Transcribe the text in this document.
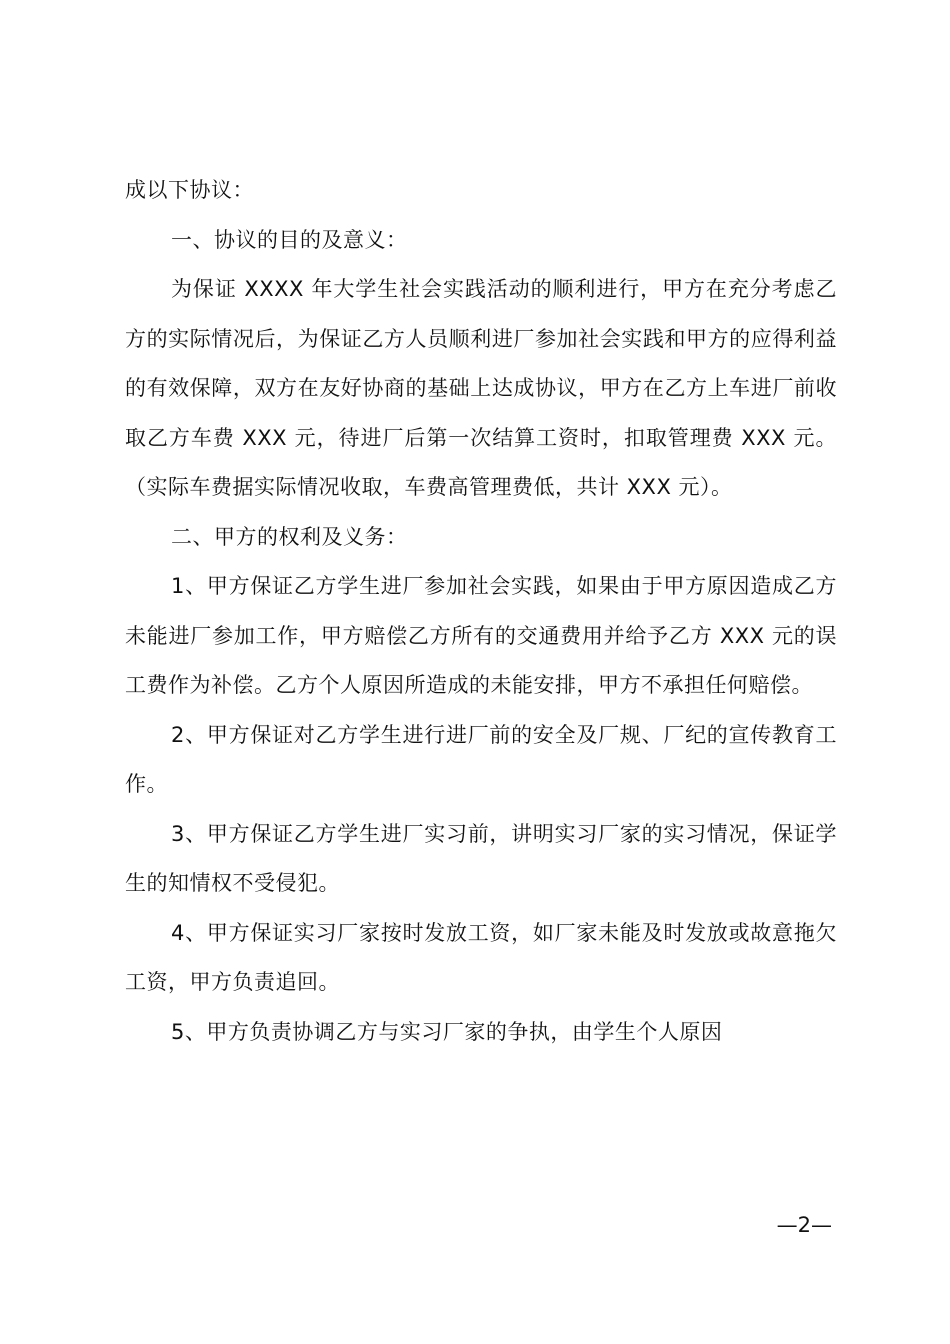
成以下协议：

一、协议的目的及意义：

为保证 XXXX 年大学生社会实践活动的顺利进行，甲方在充分考虑乙方的实际情况后，为保证乙方人员顺利进厂参加社会实践和甲方的应得利益的有效保障，双方在友好协商的基础上达成协议，甲方在乙方上车进厂前收取乙方车费 XXX 元，待进厂后第一次结算工资时，扣取管理费 XXX 元。（实际车费据实际情况收取，车费高管理费低，共计 XXX 元）。

二、甲方的权利及义务：

1、甲方保证乙方学生进厂参加社会实践，如果由于甲方原因造成乙方未能进厂参加工作，甲方赔偿乙方所有的交通费用并给予乙方 XXX 元的误工费作为补偿。乙方个人原因所造成的未能安排，甲方不承担任何赔偿。

2、甲方保证对乙方学生进行进厂前的安全及厂规、厂纪的宣传教育工作。

3、甲方保证乙方学生进厂实习前，讲明实习厂家的实习情况，保证学生的知情权不受侵犯。

4、甲方保证实习厂家按时发放工资，如厂家未能及时发放或故意拖欠工资，甲方负责追回。

5、甲方负责协调乙方与实习厂家的争执，由学生个人原因

—2—
